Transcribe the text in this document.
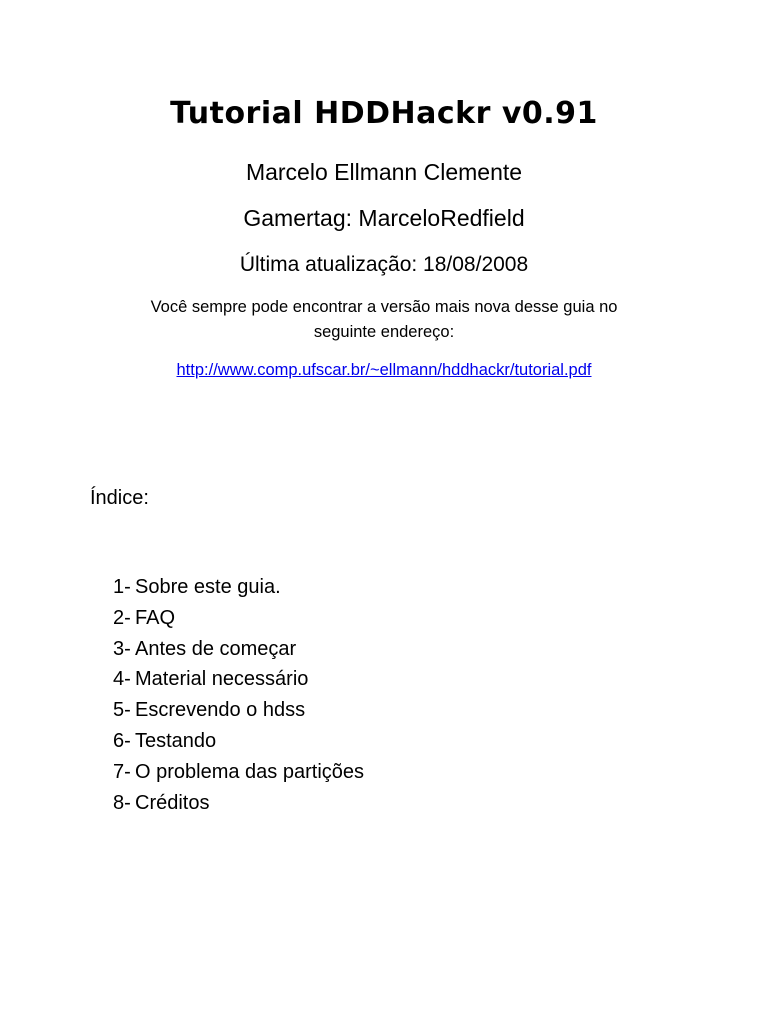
Tutorial HDDHackr v0.91
Marcelo Ellmann Clemente
Gamertag: MarceloRedfield
Última atualização: 18/08/2008
Você sempre pode encontrar a versão mais nova desse guia no
seguinte endereço:
http://www.comp.ufscar.br/~ellmann/hddhackr/tutorial.pdf
Índice:
1- Sobre este guia.
2- FAQ
3- Antes de começar
4- Material necessário
5- Escrevendo o hdss
6- Testando
7- O problema das partições
8- Créditos
